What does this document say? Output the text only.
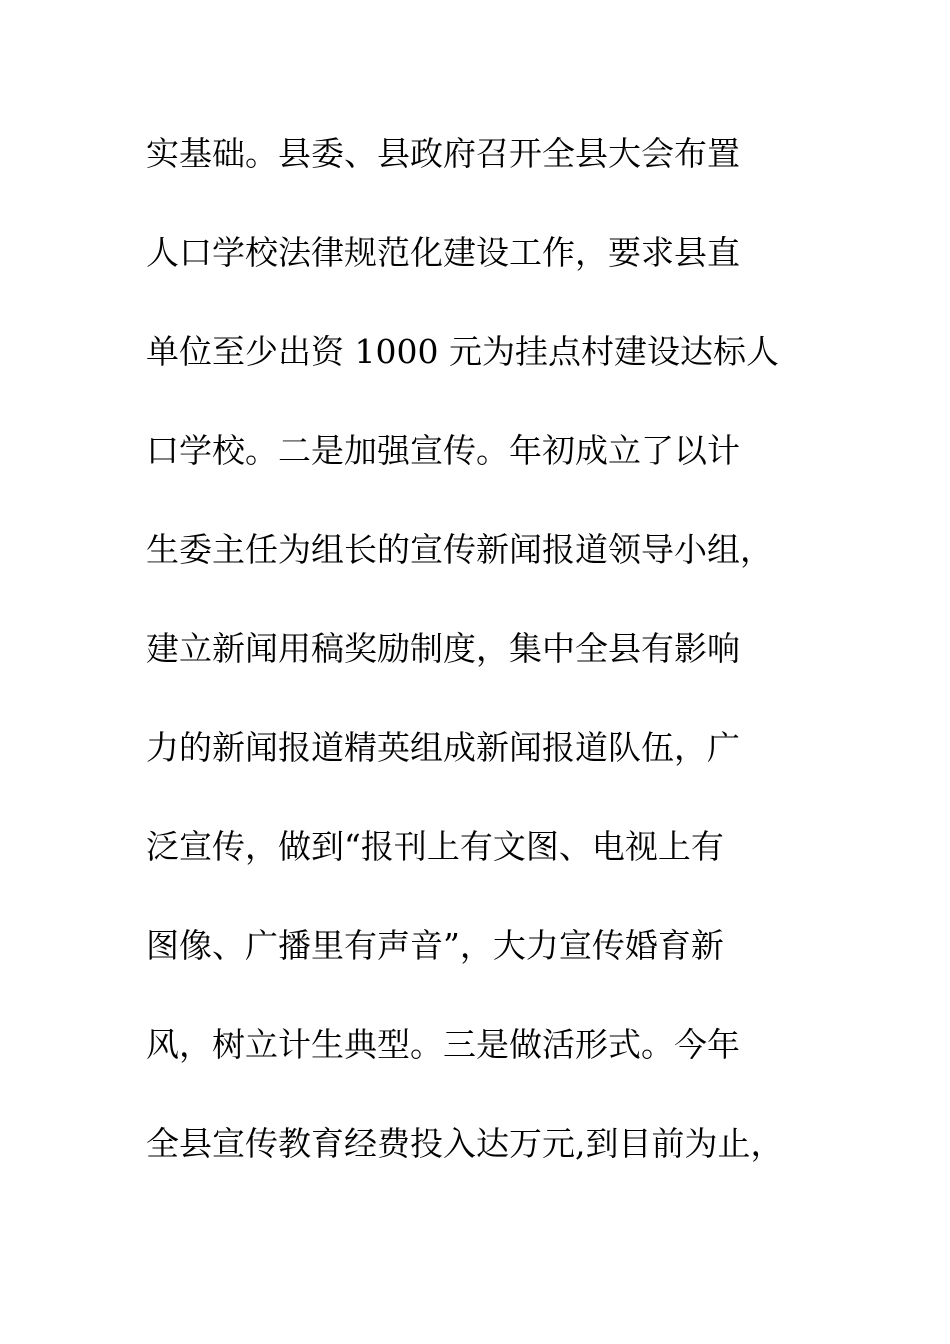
实基础。县委、县政府召开全县大会布置
人口学校法律规范化建设工作，要求县直
单位至少出资 1000 元为挂点村建设达标人
口学校。二是加强宣传。年初成立了以计
生委主任为组长的宣传新闻报道领导小组，
建立新闻用稿奖励制度，集中全县有影响
力的新闻报道精英组成新闻报道队伍，广
泛宣传，做到“报刊上有文图、电视上有
图像、广播里有声音”，大力宣传婚育新
风，树立计生典型。三是做活形式。今年
全县宣传教育经费投入达万元,到目前为止，
